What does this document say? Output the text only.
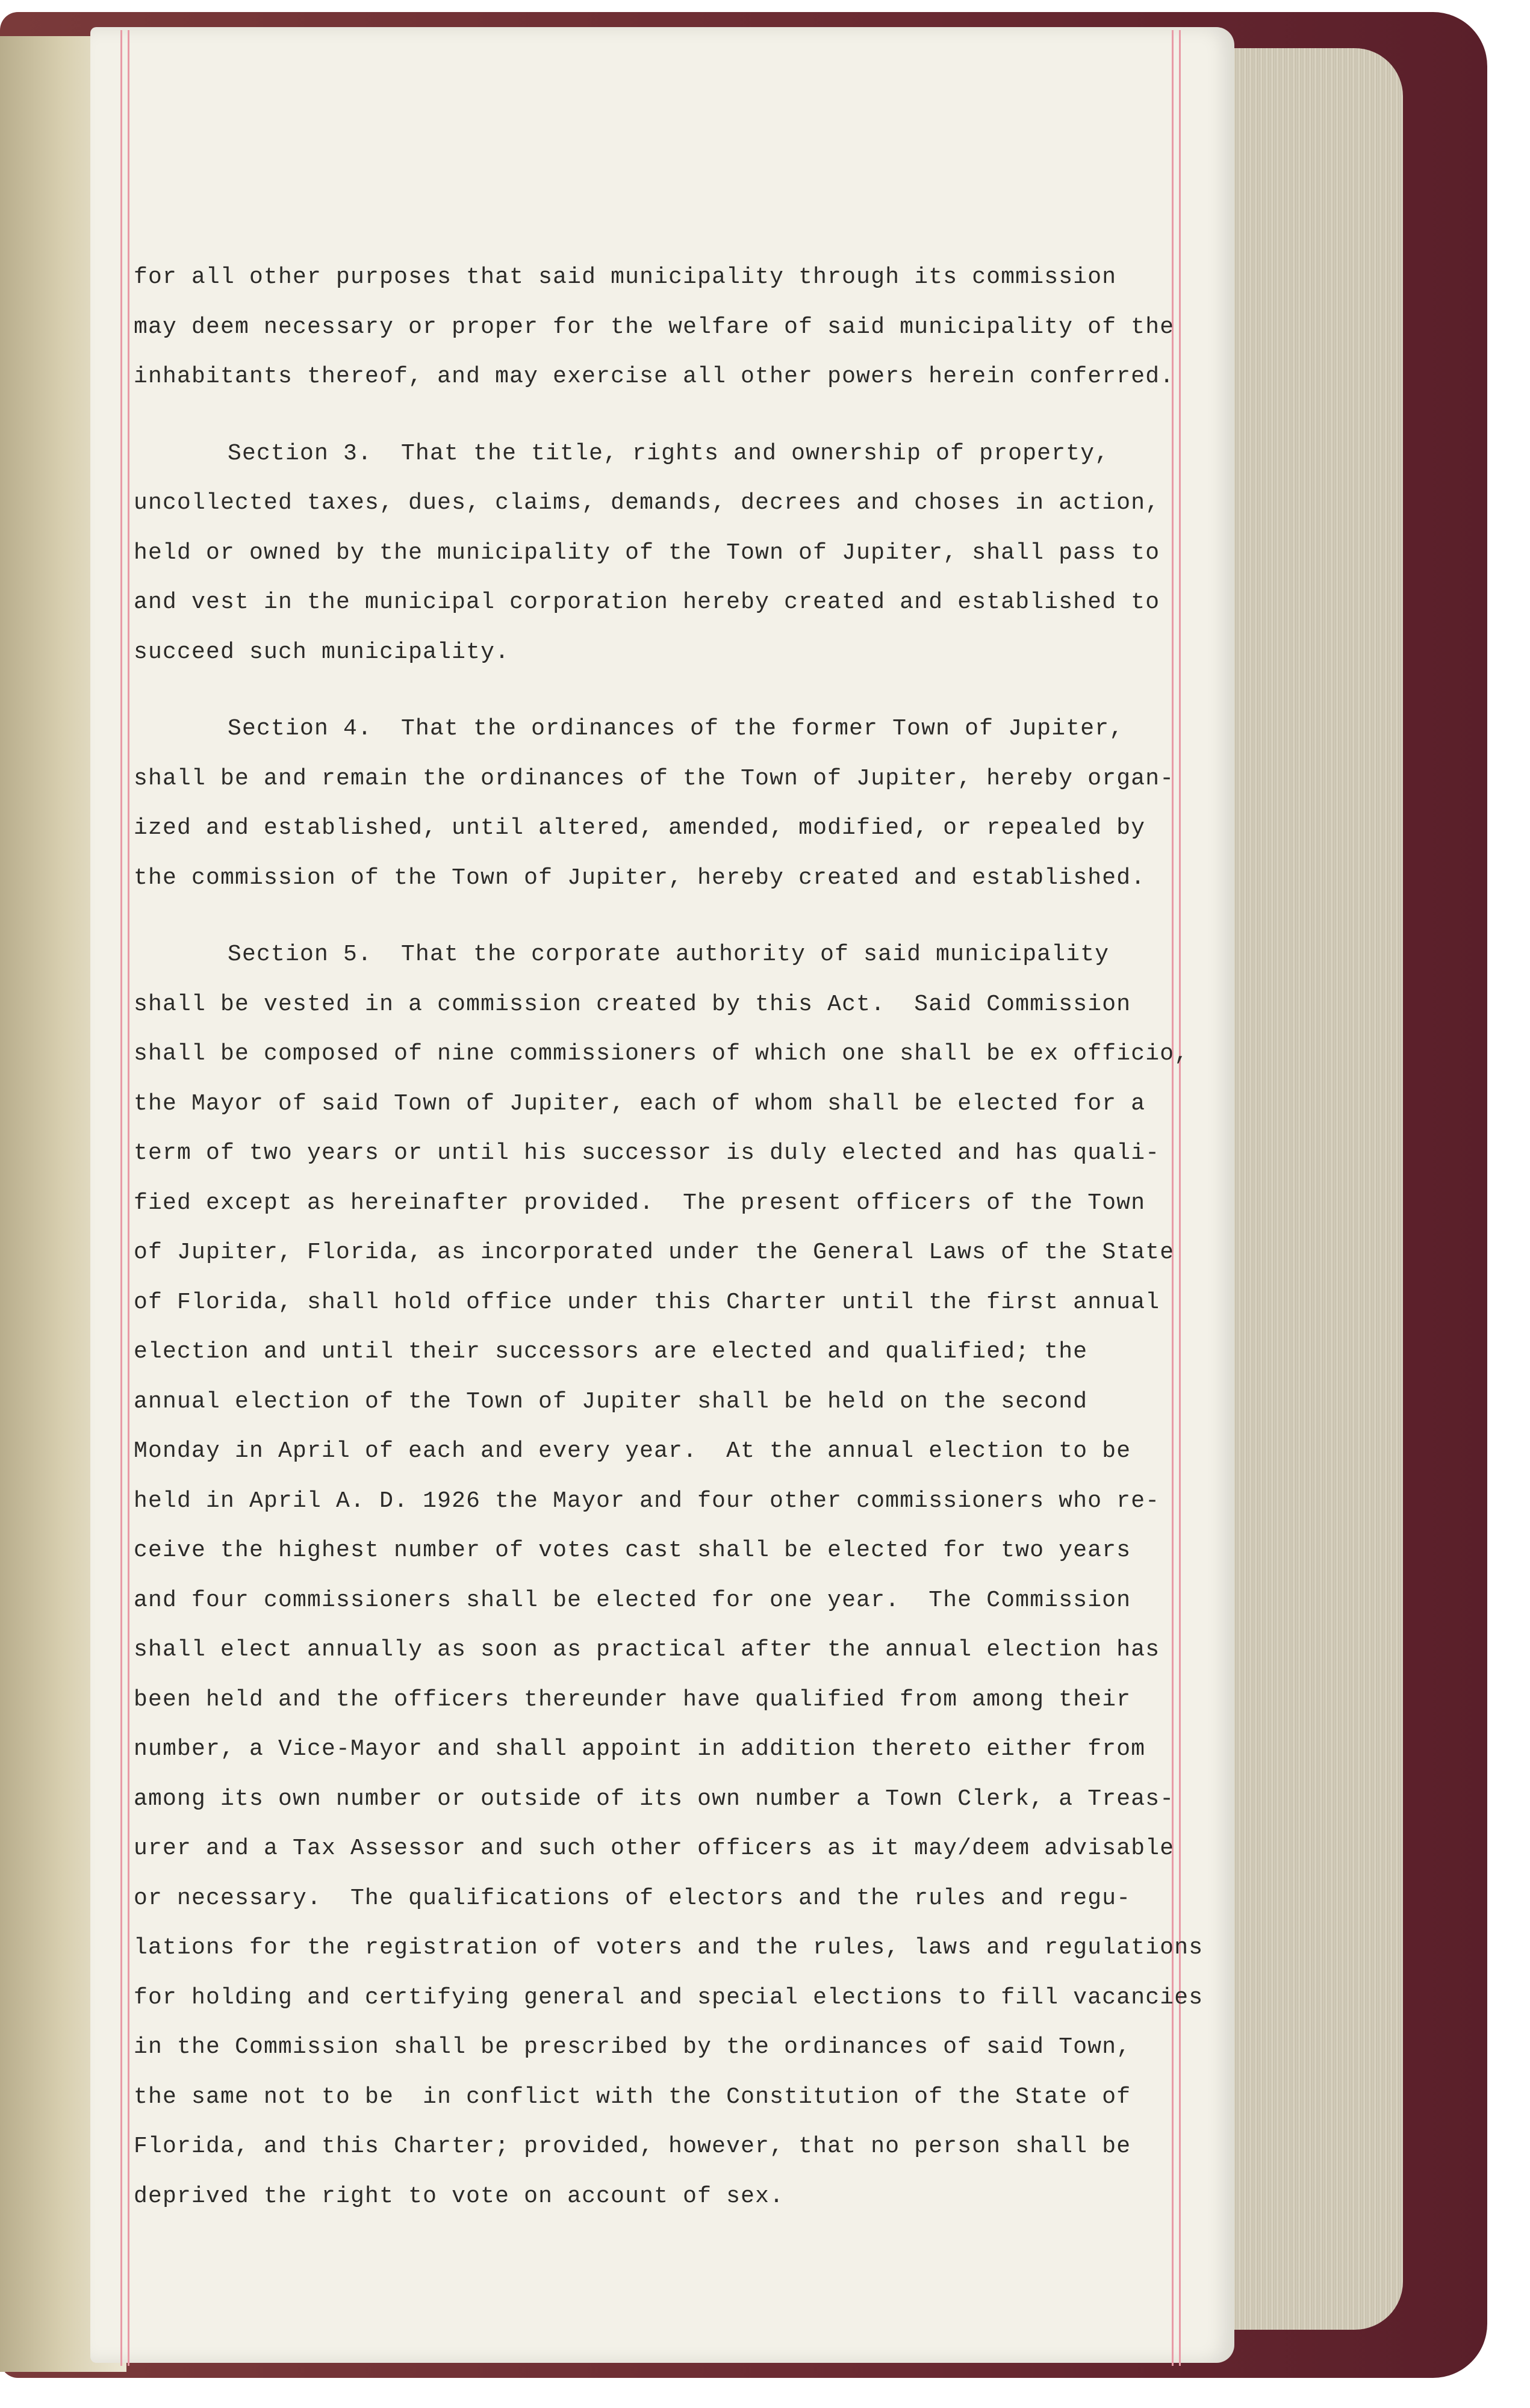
for all other purposes that said municipality through its commission
may deem necessary or proper for the welfare of said municipality of the
inhabitants thereof, and may exercise all other powers herein conferred.
Section 3.  That the title, rights and ownership of property,
uncollected taxes, dues, claims, demands, decrees and choses in action,
held or owned by the municipality of the Town of Jupiter, shall pass to
and vest in the municipal corporation hereby created and established to
succeed such municipality.
Section 4.  That the ordinances of the former Town of Jupiter,
shall be and remain the ordinances of the Town of Jupiter, hereby organ-
ized and established, until altered, amended, modified, or repealed by
the commission of the Town of Jupiter, hereby created and established.
Section 5.  That the corporate authority of said municipality
shall be vested in a commission created by this Act.  Said Commission
shall be composed of nine commissioners of which one shall be ex officio,
the Mayor of said Town of Jupiter, each of whom shall be elected for a
term of two years or until his successor is duly elected and has quali-
fied except as hereinafter provided.  The present officers of the Town
of Jupiter, Florida, as incorporated under the General Laws of the State
of Florida, shall hold office under this Charter until the first annual
election and until their successors are elected and qualified; the
annual election of the Town of Jupiter shall be held on the second
Monday in April of each and every year.  At the annual election to be
held in April A. D. 1926 the Mayor and four other commissioners who re-
ceive the highest number of votes cast shall be elected for two years
and four commissioners shall be elected for one year.  The Commission
shall elect annually as soon as practical after the annual election has
been held and the officers thereunder have qualified from among their
number, a Vice-Mayor and shall appoint in addition thereto either from
among its own number or outside of its own number a Town Clerk, a Treas-
urer and a Tax Assessor and such other officers as it may/deem advisable
or necessary.  The qualifications of electors and the rules and regu-
lations for the registration of voters and the rules, laws and regulations
for holding and certifying general and special elections to fill vacancies
in the Commission shall be prescribed by the ordinances of said Town,
the same not to be  in conflict with the Constitution of the State of
Florida, and this Charter; provided, however, that no person shall be
deprived the right to vote on account of sex.
